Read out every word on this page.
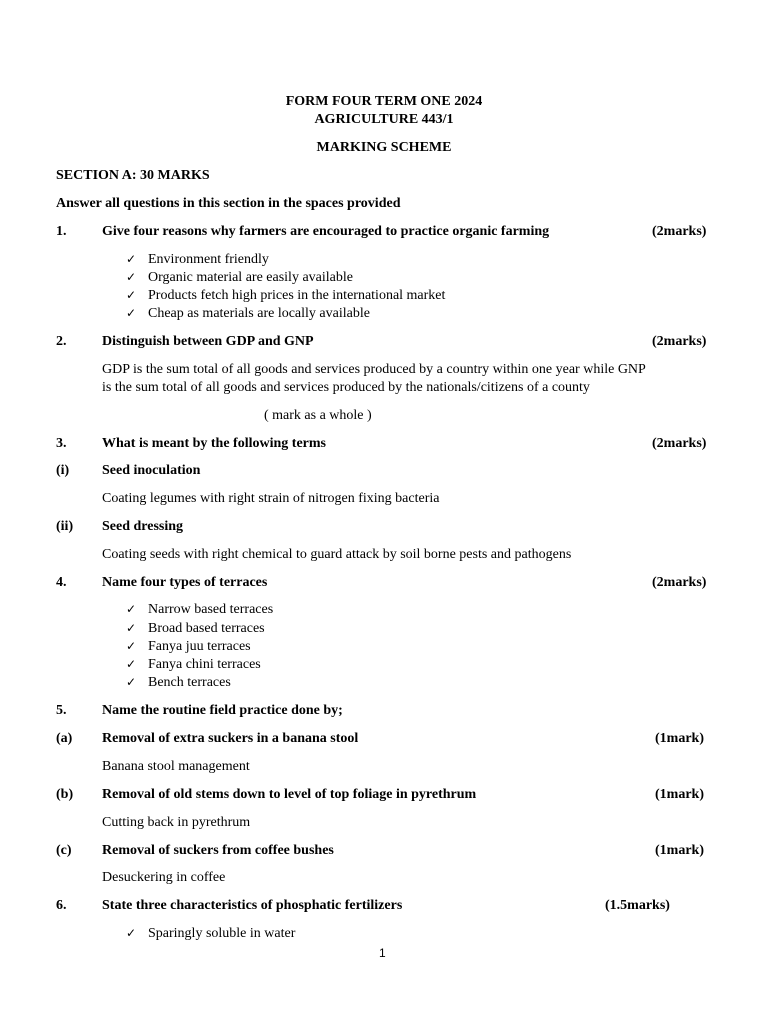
FORM FOUR TERM ONE 2024
AGRICULTURE 443/1
MARKING SCHEME
SECTION A: 30 MARKS
Answer all questions in this section in the spaces provided
1.	Give four reasons why farmers are encouraged to practice organic farming	(2marks)
✓ Environment friendly
✓ Organic material are easily available
✓ Products fetch high prices in the international market
✓ Cheap as materials are locally available
2.	Distinguish between GDP and GNP	(2marks)
GDP is the sum total of all goods and services produced by a country within one year while GNP
is the sum total of all goods and services produced by the nationals/citizens of a county
( mark as a whole )
3.	What is meant by the following terms	(2marks)
(i) Seed inoculation
Coating legumes with right strain of nitrogen fixing bacteria
(ii) Seed dressing
Coating seeds with right chemical to guard attack by soil borne pests and pathogens
4.	Name four types of terraces	(2marks)
✓ Narrow based terraces
✓ Broad based terraces
✓ Fanya juu terraces
✓ Fanya chini terraces
✓ Bench terraces
5.	Name the routine field practice done by;
(a) Removal of extra suckers in a banana stool	(1mark)
Banana stool management
(b) Removal of old stems down to level of top foliage in pyrethrum	(1mark)
Cutting back in pyrethrum
(c) Removal of suckers from coffee bushes	(1mark)
Desuckering in coffee
6.	State three characteristics of phosphatic fertilizers	(1.5marks)
✓ Sparingly soluble in water
1
